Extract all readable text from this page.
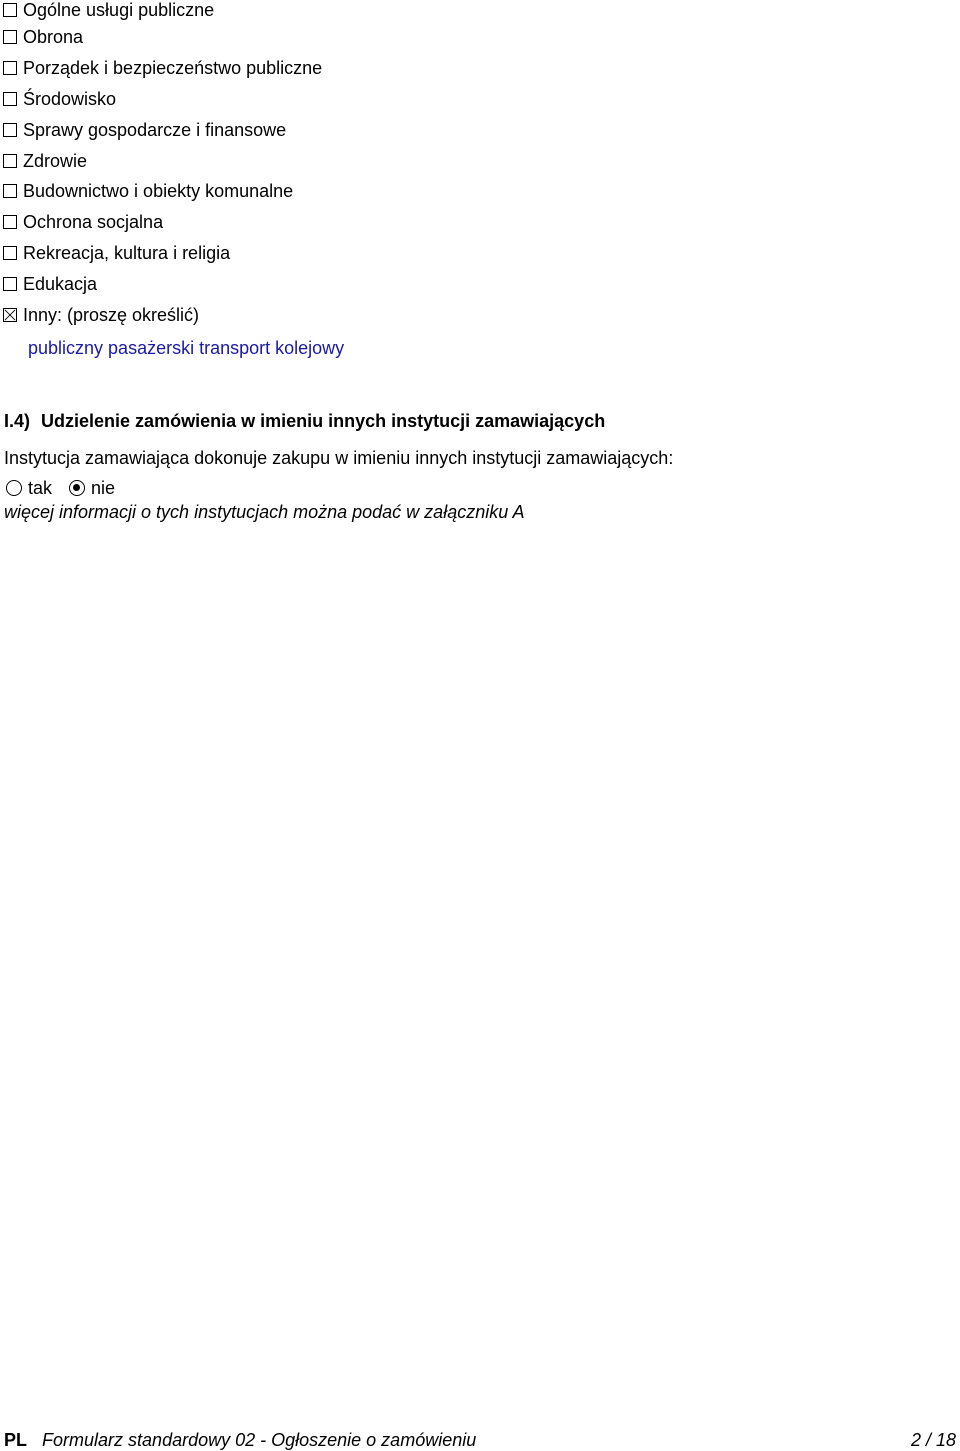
Ogólne usługi publiczne
Obrona
Porządek i bezpieczeństwo publiczne
Środowisko
Sprawy gospodarcze i finansowe
Zdrowie
Budownictwo i obiekty komunalne
Ochrona socjalna
Rekreacja, kultura i religia
Edukacja
Inny: (proszę określić)
publiczny pasażerski transport kolejowy
I.4) Udzielenie zamówienia w imieniu innych instytucji zamawiających
Instytucja zamawiająca dokonuje zakupu w imieniu innych instytucji zamawiających:
tak nie
więcej informacji o tych instytucjach można podać w załączniku A
PL Formularz standardowy 02 - Ogłoszenie o zamówieniu	2 / 18
